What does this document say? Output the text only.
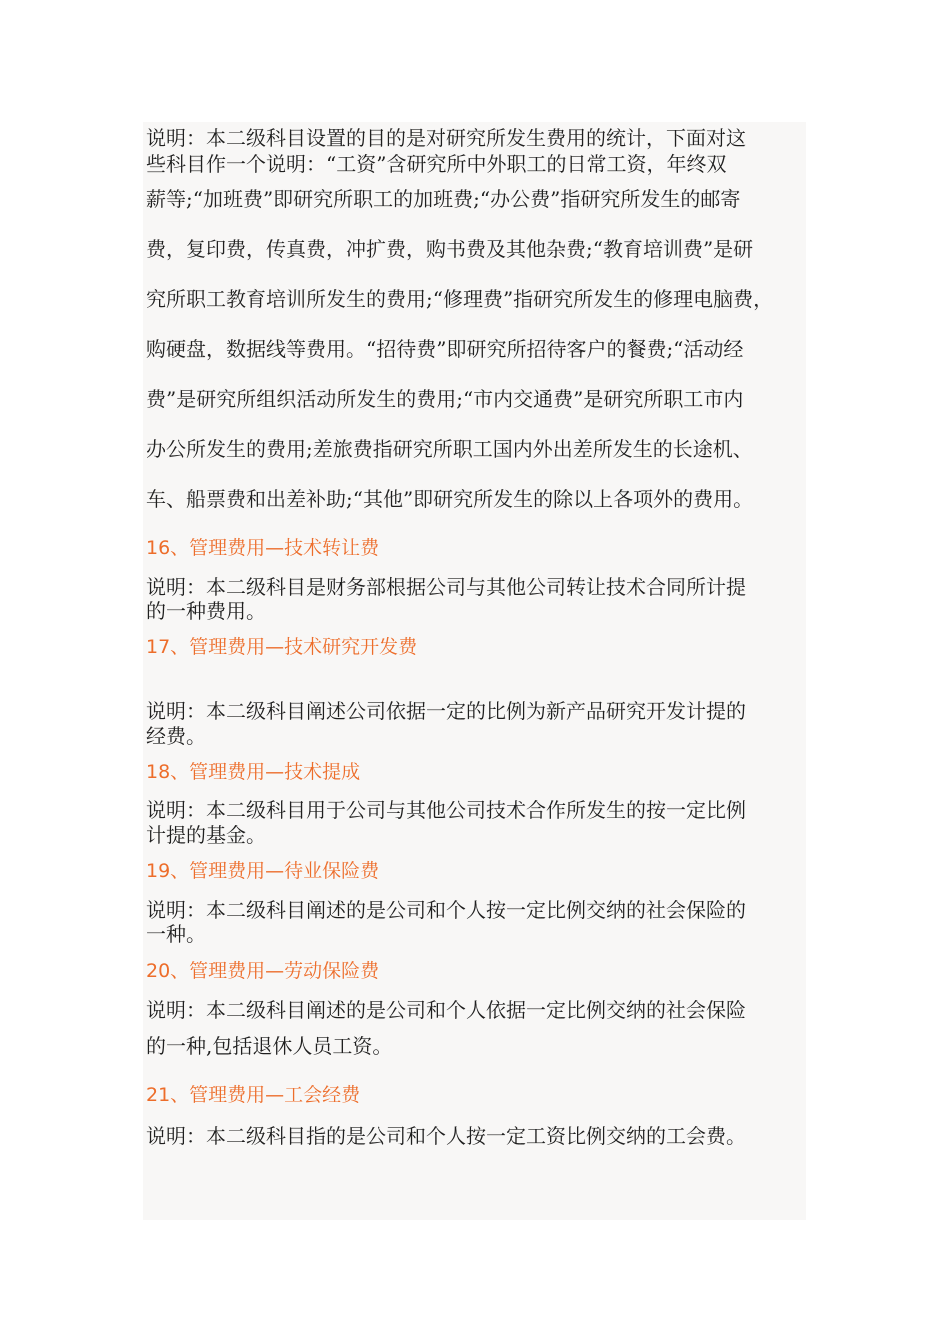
说明：本二级科目设置的目的是对研究所发生费用的统计，下面对这
些科目作一个说明：“工资”含研究所中外职工的日常工资，年终双
薪等;“加班费”即研究所职工的加班费;“办公费”指研究所发生的邮寄
费，复印费，传真费，冲扩费，购书费及其他杂费;“教育培训费”是研
究所职工教育培训所发生的费用;“修理费”指研究所发生的修理电脑费，
购硬盘，数据线等费用。“招待费”即研究所招待客户的餐费;“活动经
费”是研究所组织活动所发生的费用;“市内交通费”是研究所职工市内
办公所发生的费用;差旅费指研究所职工国内外出差所发生的长途机、
车、船票费和出差补助;“其他”即研究所发生的除以上各项外的费用。
16、管理费用—技术转让费
说明：本二级科目是财务部根据公司与其他公司转让技术合同所计提
的一种费用。
17、管理费用—技术研究开发费
说明：本二级科目阐述公司依据一定的比例为新产品研究开发计提的
经费。
18、管理费用—技术提成
说明：本二级科目用于公司与其他公司技术合作所发生的按一定比例
计提的基金。
19、管理费用—待业保险费
说明：本二级科目阐述的是公司和个人按一定比例交纳的社会保险的
一种。
20、管理费用—劳动保险费
说明：本二级科目阐述的是公司和个人依据一定比例交纳的社会保险
的一种,包括退休人员工资。
21、管理费用—工会经费
说明：本二级科目指的是公司和个人按一定工资比例交纳的工会费。
